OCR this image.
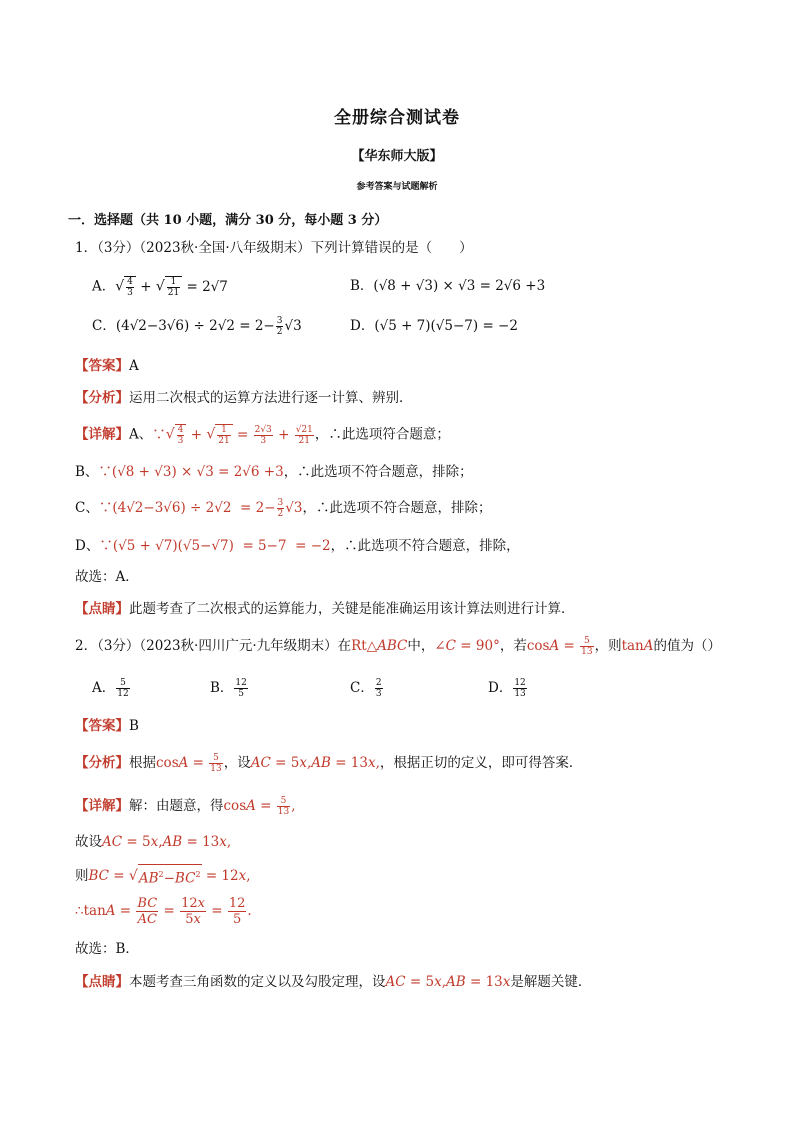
全册综合测试卷
【华东师大版】
参考答案与试题解析
一．选择题（共 10 小题，满分 30 分，每小题 3 分）
1．（3分）（2023秋·全国·八年级期末）下列计算错误的是（　　）
A．√ $\frac{4}{3}$ + √ $\frac{1}{21} = 2√7$	B．(√8 + √3) × √3 = 2√6 +3
C．$(4√2-3√6) \div 2√2 = 2- \frac{3}{2} √3$	D．(√5 + 7)(√5−7) = −2
【答案】A
【分析】运用二次根式的运算方法进行逐一计算、辨别．
【详解】A、∵√ $\frac{4}{3}$ + √ $\frac{1}{21} = \frac{2√3}{3} + \frac{√21}{21}$ ，∴此选项符合题意；
B、∵(√8 + √3) × √3 = 2√6 +3，∴此选项不符合题意，排除；
C、∵(4√2−3√6) ÷ $2√2 = 2- \frac{3}{2} √3$，∴此选项不符合题意，排除；
D、∵(√5 + √7)(√5−√7)  = 5−7  = −2，∴此选项不符合题意，排除，
故选：A．
【点睛】此题考查了二次根式的运算能力，关键是能准确运用该计算法则进行计算．
2．（3分）（2023秋·四川广元·九年级期末）在Rt△ABC中，∠C = 90°，若$\cos A = \frac{5}{13}$ ，则tanA的值为（）
A． $\frac{5}{12}$	B． $\frac{12}{5}$	C． $\frac{2}{3}$	D． $\frac{12}{13}$
【答案】B
【分析】根据$\cos A = \frac{5}{13}$ ，设AC = 5x,AB = 13x,，根据正切的定义，即可得答案．
【详解】解：由题意，得$\cos A = \frac{5}{13}$ ,
故设AC = 5x,AB = 13x,
则BC = $√AB^2-BC^2 = 12x$,
∴tanA = $\frac{BC}{AC} = \frac{12x}{5x} = \frac{12}{5}$ .
故选：B．
【点睛】本题考查三角函数的定义以及勾股定理，设AC = 5x,AB = 13x是解题关键．
